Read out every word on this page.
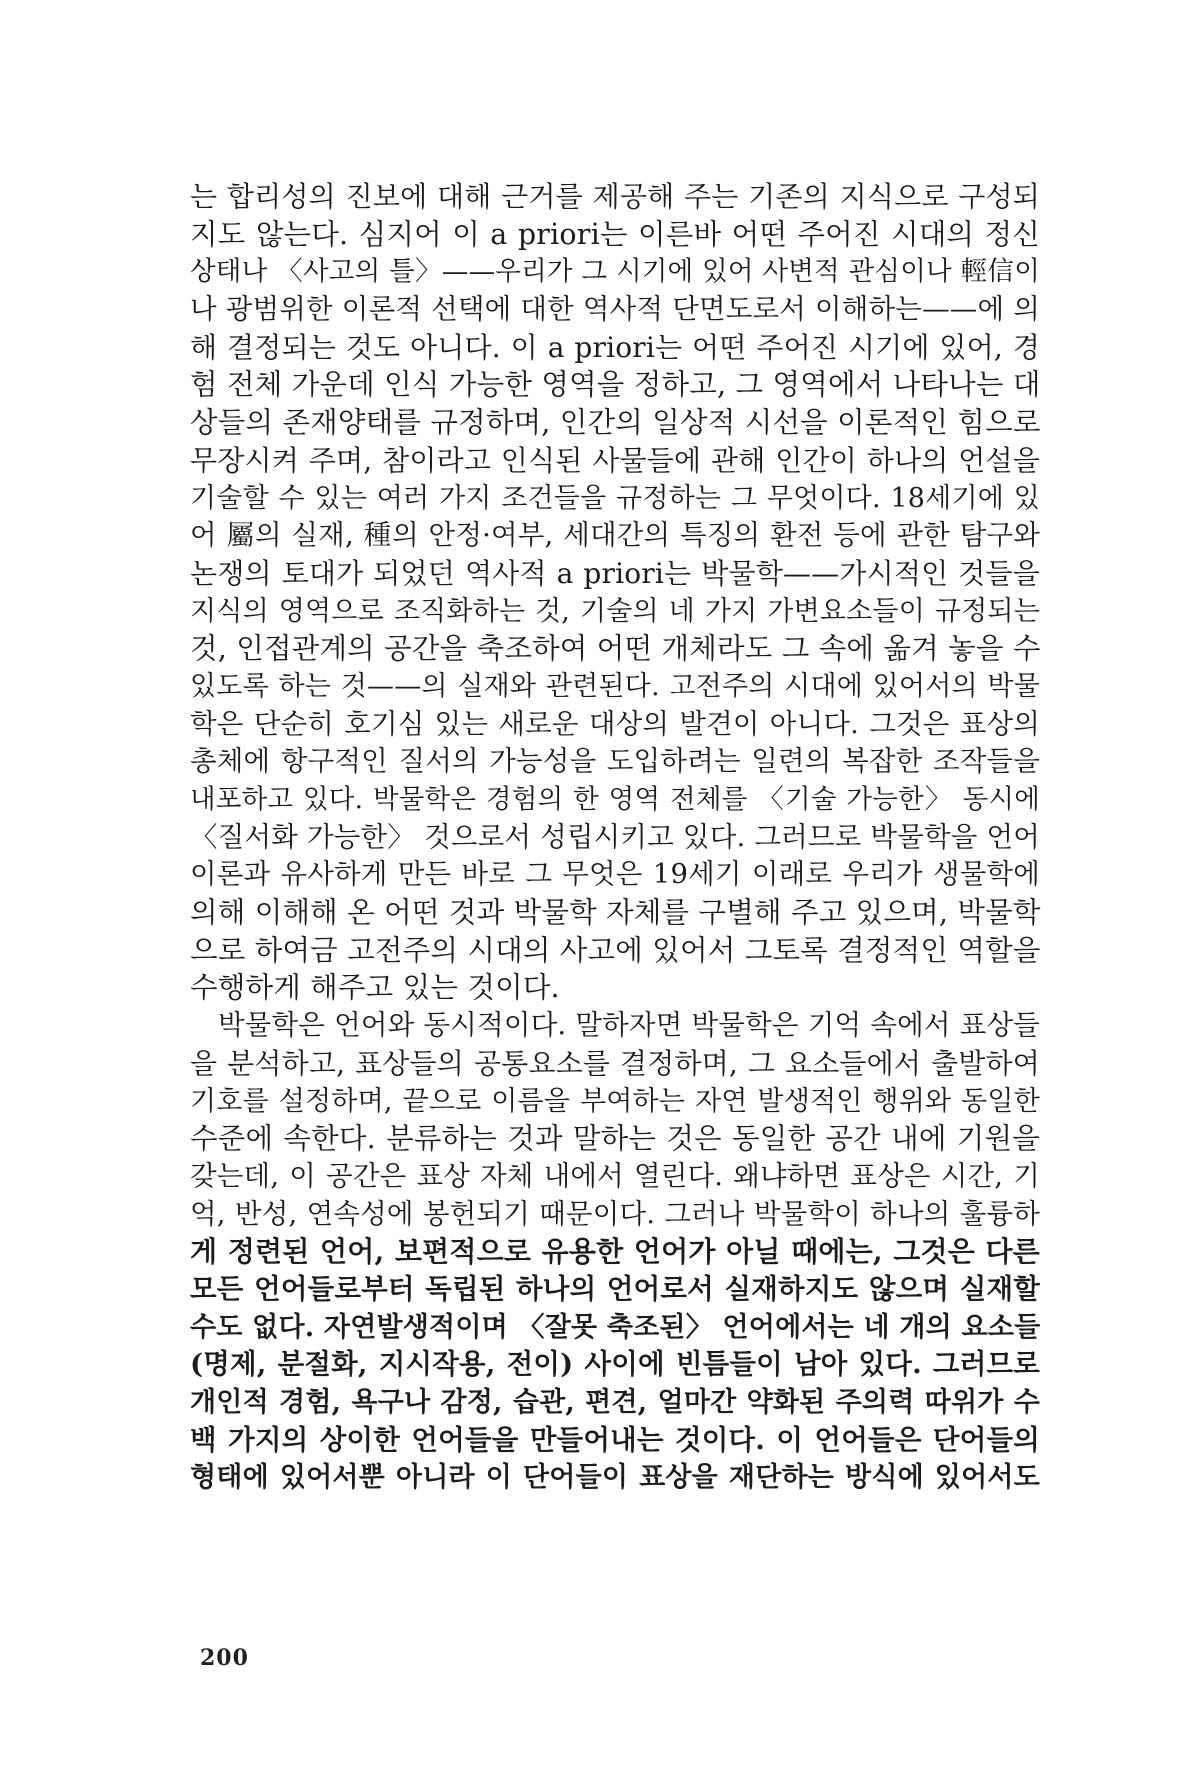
는 합리성의 진보에 대해 근거를 제공해 주는 기존의 지식으로 구성되
지도 않는다. 심지어 이 a priori는 이른바 어떤 주어진 시대의 정신
상태나 〈사고의 틀〉——우리가 그 시기에 있어 사변적 관심이나 輕信이
나 광범위한 이론적 선택에 대한 역사적 단면도로서 이해하는——에 의
해 결정되는 것도 아니다. 이 a priori는 어떤 주어진 시기에 있어, 경
험 전체 가운데 인식 가능한 영역을 정하고, 그 영역에서 나타나는 대
상들의 존재양태를 규정하며, 인간의 일상적 시선을 이론적인 힘으로
무장시켜 주며, 참이라고 인식된 사물들에 관해 인간이 하나의 언설을
기술할 수 있는 여러 가지 조건들을 규정하는 그 무엇이다. 18세기에 있
어 屬의 실재, 種의 안정·여부, 세대간의 특징의 환전 등에 관한 탐구와
논쟁의 토대가 되었던 역사적 a priori는 박물학——가시적인 것들을
지식의 영역으로 조직화하는 것, 기술의 네 가지 가변요소들이 규정되는
것, 인접관계의 공간을 축조하여 어떤 개체라도 그 속에 옮겨 놓을 수
있도록 하는 것——의 실재와 관련된다. 고전주의 시대에 있어서의 박물
학은 단순히 호기심 있는 새로운 대상의 발견이 아니다. 그것은 표상의
총체에 항구적인 질서의 가능성을 도입하려는 일련의 복잡한 조작들을
내포하고 있다. 박물학은 경험의 한 영역 전체를 〈기술 가능한〉 동시에
〈질서화 가능한〉 것으로서 성립시키고 있다. 그러므로 박물학을 언어
이론과 유사하게 만든 바로 그 무엇은 19세기 이래로 우리가 생물학에
의해 이해해 온 어떤 것과 박물학 자체를 구별해 주고 있으며, 박물학
으로 하여금 고전주의 시대의 사고에 있어서 그토록 결정적인 역할을
수행하게 해주고 있는 것이다.
박물학은 언어와 동시적이다. 말하자면 박물학은 기억 속에서 표상들
을 분석하고, 표상들의 공통요소를 결정하며, 그 요소들에서 출발하여
기호를 설정하며, 끝으로 이름을 부여하는 자연 발생적인 행위와 동일한
수준에 속한다. 분류하는 것과 말하는 것은 동일한 공간 내에 기원을
갖는데, 이 공간은 표상 자체 내에서 열린다. 왜냐하면 표상은 시간, 기
억, 반성, 연속성에 봉헌되기 때문이다. 그러나 박물학이 하나의 훌륭하
게 정련된 언어, 보편적으로 유용한 언어가 아닐 때에는, 그것은 다른
모든 언어들로부터 독립된 하나의 언어로서 실재하지도 않으며 실재할
수도 없다. 자연발생적이며 〈잘못 축조된〉 언어에서는 네 개의 요소들
(명제, 분절화, 지시작용, 전이) 사이에 빈틈들이 남아 있다. 그러므로
개인적 경험, 욕구나 감정, 습관, 편견, 얼마간 약화된 주의력 따위가 수
백 가지의 상이한 언어들을 만들어내는 것이다. 이 언어들은 단어들의
형태에 있어서뿐 아니라 이 단어들이 표상을 재단하는 방식에 있어서도
200
